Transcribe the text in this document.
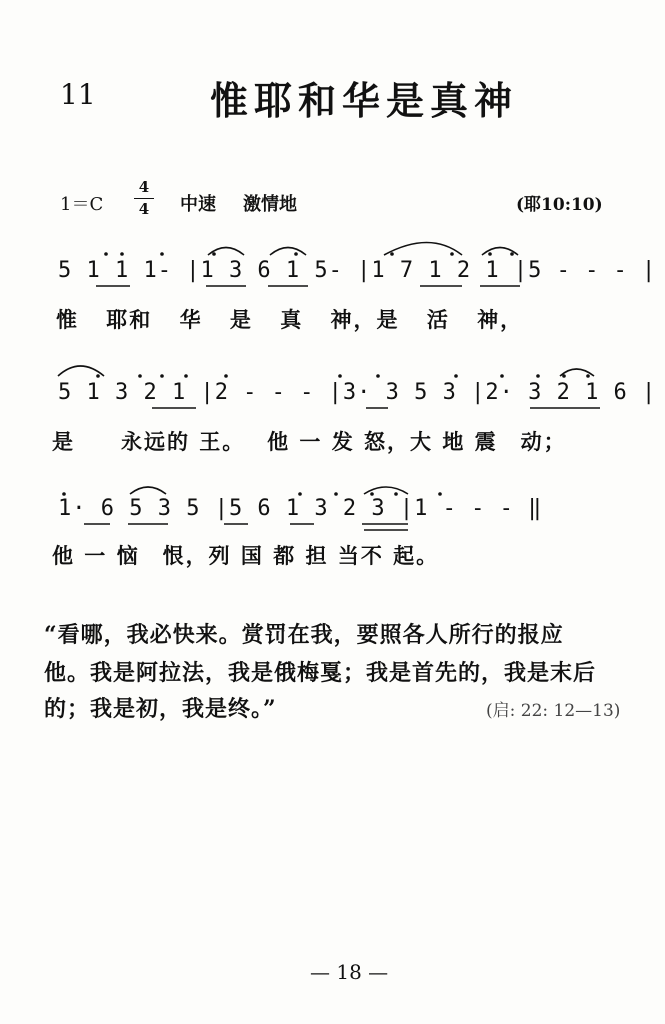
11	惟耶和华是真神
1＝C
4
4 中速 激情地	(耶10:10)
5 1 1 1- |1 3 6 1 5- |1 7 1 2 1 |5 - - - |
惟 耶和 华 是 真 神，是 活 神，
5 1 3 2 1 |2 - - - |3· 3 5 3 |2· 3 2 1 6 |
是　　永远的 王。　 他 一 发 怒，大 地 震　动；
1· 6 5 3 5 |5 6 1 3 2 3 |1 - - - ‖
他 一 恼　恨，列 国 都 担 当不 起。
“看哪，我必快来。赏罚在我，要照各人所行的报应
他。我是阿拉法，我是俄梅戛；我是首先的，我是末后
的；我是初，我是终。”	(启: 22: 12—13)
— 18 —
